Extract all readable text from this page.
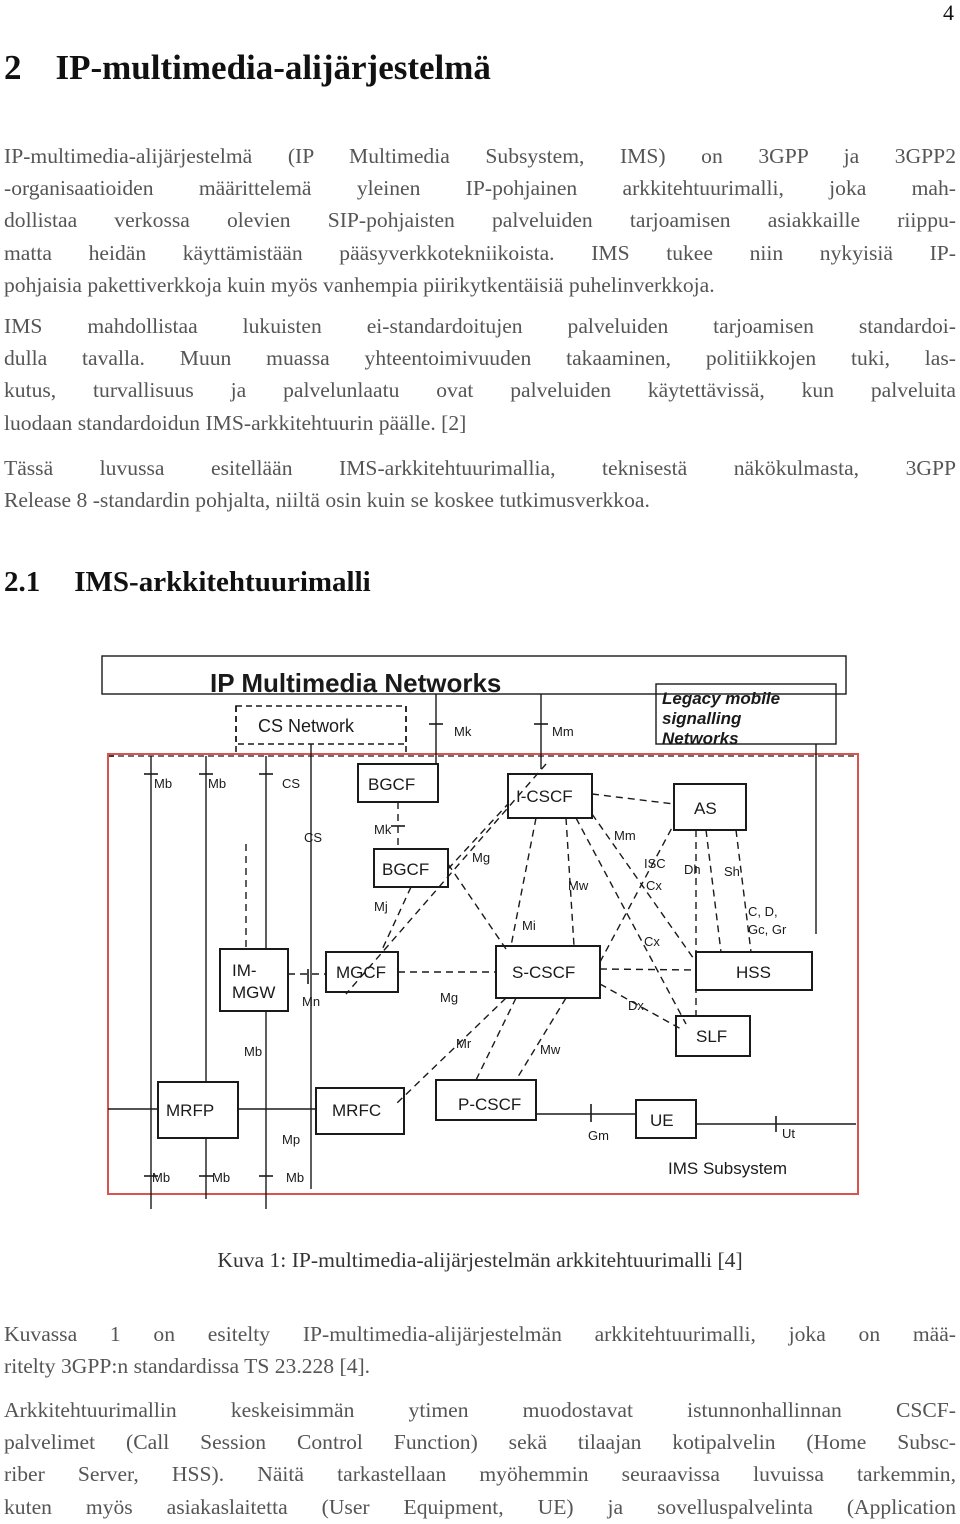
4
2 IP-multimedia-alijärjestelmä

IP-multimedia-alijärjestelmä (IP Multimedia Subsystem, IMS) on 3GPP ja 3GPP2
-organisaatioiden määrittelemä yleinen IP-pohjainen arkkitehtuurimalli, joka mah-
dollistaa verkossa olevien SIP-pohjaisten palveluiden tarjoamisen asiakkaille riippu-
matta heidän käyttämistään pääsyverkkotekniikoista. IMS tukee niin nykyisiä IP-
pohjaisia pakettiverkkoja kuin myös vanhempia piirikytkentäisiä puhelinverkkoja.

IMS mahdollistaa lukuisten ei-standardoitujen palveluiden tarjoamisen standardoi-
dulla tavalla. Muun muassa yhteentoimivuuden takaaminen, politiikkojen tuki, las-
kutus, turvallisuus ja palvelunlaatu ovat palveluiden käytettävissä, kun palveluita
luodaan standardoidun IMS-arkkitehtuurin päälle. [2]

Tässä luvussa esitellään IMS-arkkitehtuurimallia, teknisestä näkökulmasta, 3GPP
Release 8 -standardin pohjalta, niiltä osin kuin se koskee tutkimusverkkoa.

2.1 IMS-arkkitehtuurimalli
IP Multimedia Networks
CS Network
Legacy mobile
signalling
Networks
IMS Subsystem
BGCF
BGCF
I-CSCF
AS
IM-
MGW
MGCF	S-CSCF	HSS
SLF
MRFP	MRFC	P-CSCF
UE
Mk	Mm
Mb	Mb	CS
CS
Mk
Mj
Mg
Mi
Mw
Mm
ISC
Cx
Dh Sh
C, D,
Gc, Gr
Cx
Dx
Mn	Mg
Mr	Mw
Mb
Mp	Gm	Ut
Mb	Mb	Mb
Kuva 1: IP-multimedia-alijärjestelmän arkkitehtuurimalli [4]

Kuvassa 1 on esitelty IP-multimedia-alijärjestelmän arkkitehtuurimalli, joka on mää-
ritelty 3GPP:n standardissa TS 23.228 [4].

Arkkitehtuurimallin keskeisimmän ytimen muodostavat istunnonhallinnan CSCF-
palvelimet (Call Session Control Function) sekä tilaajan kotipalvelin (Home Subsc-
riber Server, HSS). Näitä tarkastellaan myöhemmin seuraavissa luvuissa tarkemmin,
kuten myös asiakaslaitetta (User Equipment, UE) ja sovelluspalvelinta (Application
